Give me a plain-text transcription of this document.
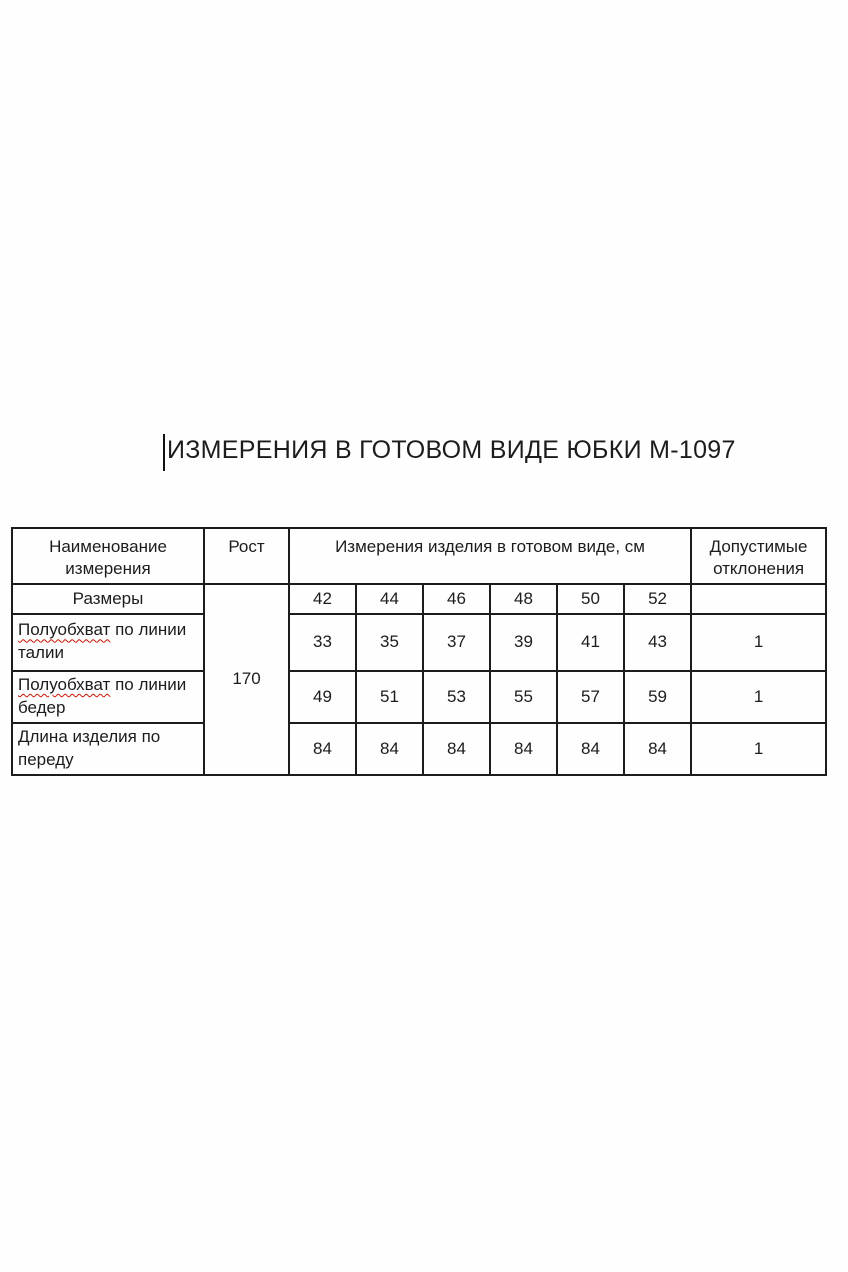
ИЗМЕРЕНИЯ В ГОТОВОМ ВИДЕ ЮБКИ М-1097
Наименование измерения	Рост	Измерения изделия в готовом виде, см						Допустимые отклонения
Размеры	170	42	44	46	48	50	52	
Полуобхват по линии талии		33	35	37	39	41	43	1
Полуобхват по линии бедер		49	51	53	55	57	59	1
Длина изделия по переду		84	84	84	84	84	84	1
